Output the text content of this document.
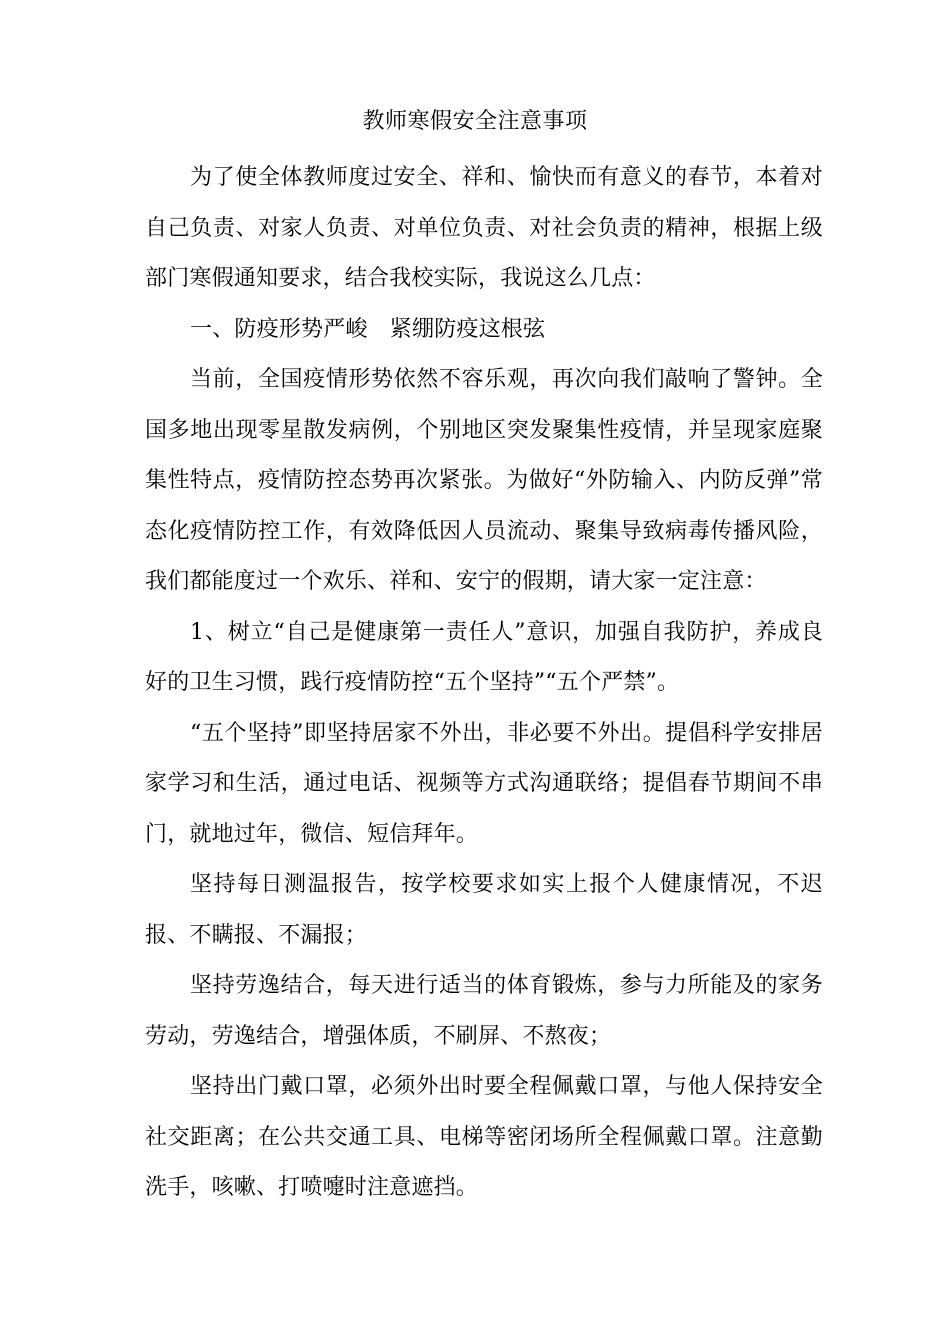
教师寒假安全注意事项

为了使全体教师度过安全、祥和、愉快而有意义的春节，本着对自己负责、对家人负责、对单位负责、对社会负责的精神，根据上级部门寒假通知要求，结合我校实际，我说这么几点：

一、防疫形势严峻　紧绷防疫这根弦

当前，全国疫情形势依然不容乐观，再次向我们敲响了警钟。全国多地出现零星散发病例，个别地区突发聚集性疫情，并呈现家庭聚集性特点，疫情防控态势再次紧张。为做好“外防输入、内防反弹”常态化疫情防控工作，有效降低因人员流动、聚集导致病毒传播风险，我们都能度过一个欢乐、祥和、安宁的假期，请大家一定注意：

1、树立“自己是健康第一责任人”意识，加强自我防护，养成良好的卫生习惯，践行疫情防控“五个坚持”“五个严禁”。

“五个坚持”即坚持居家不外出，非必要不外出。提倡科学安排居家学习和生活，通过电话、视频等方式沟通联络；提倡春节期间不串门，就地过年，微信、短信拜年。

坚持每日测温报告，按学校要求如实上报个人健康情况，不迟报、不瞒报、不漏报；

坚持劳逸结合，每天进行适当的体育锻炼，参与力所能及的家务劳动，劳逸结合，增强体质，不刷屏、不熬夜；

坚持出门戴口罩，必须外出时要全程佩戴口罩，与他人保持安全社交距离；在公共交通工具、电梯等密闭场所全程佩戴口罩。注意勤洗手，咳嗽、打喷嚏时注意遮挡。
